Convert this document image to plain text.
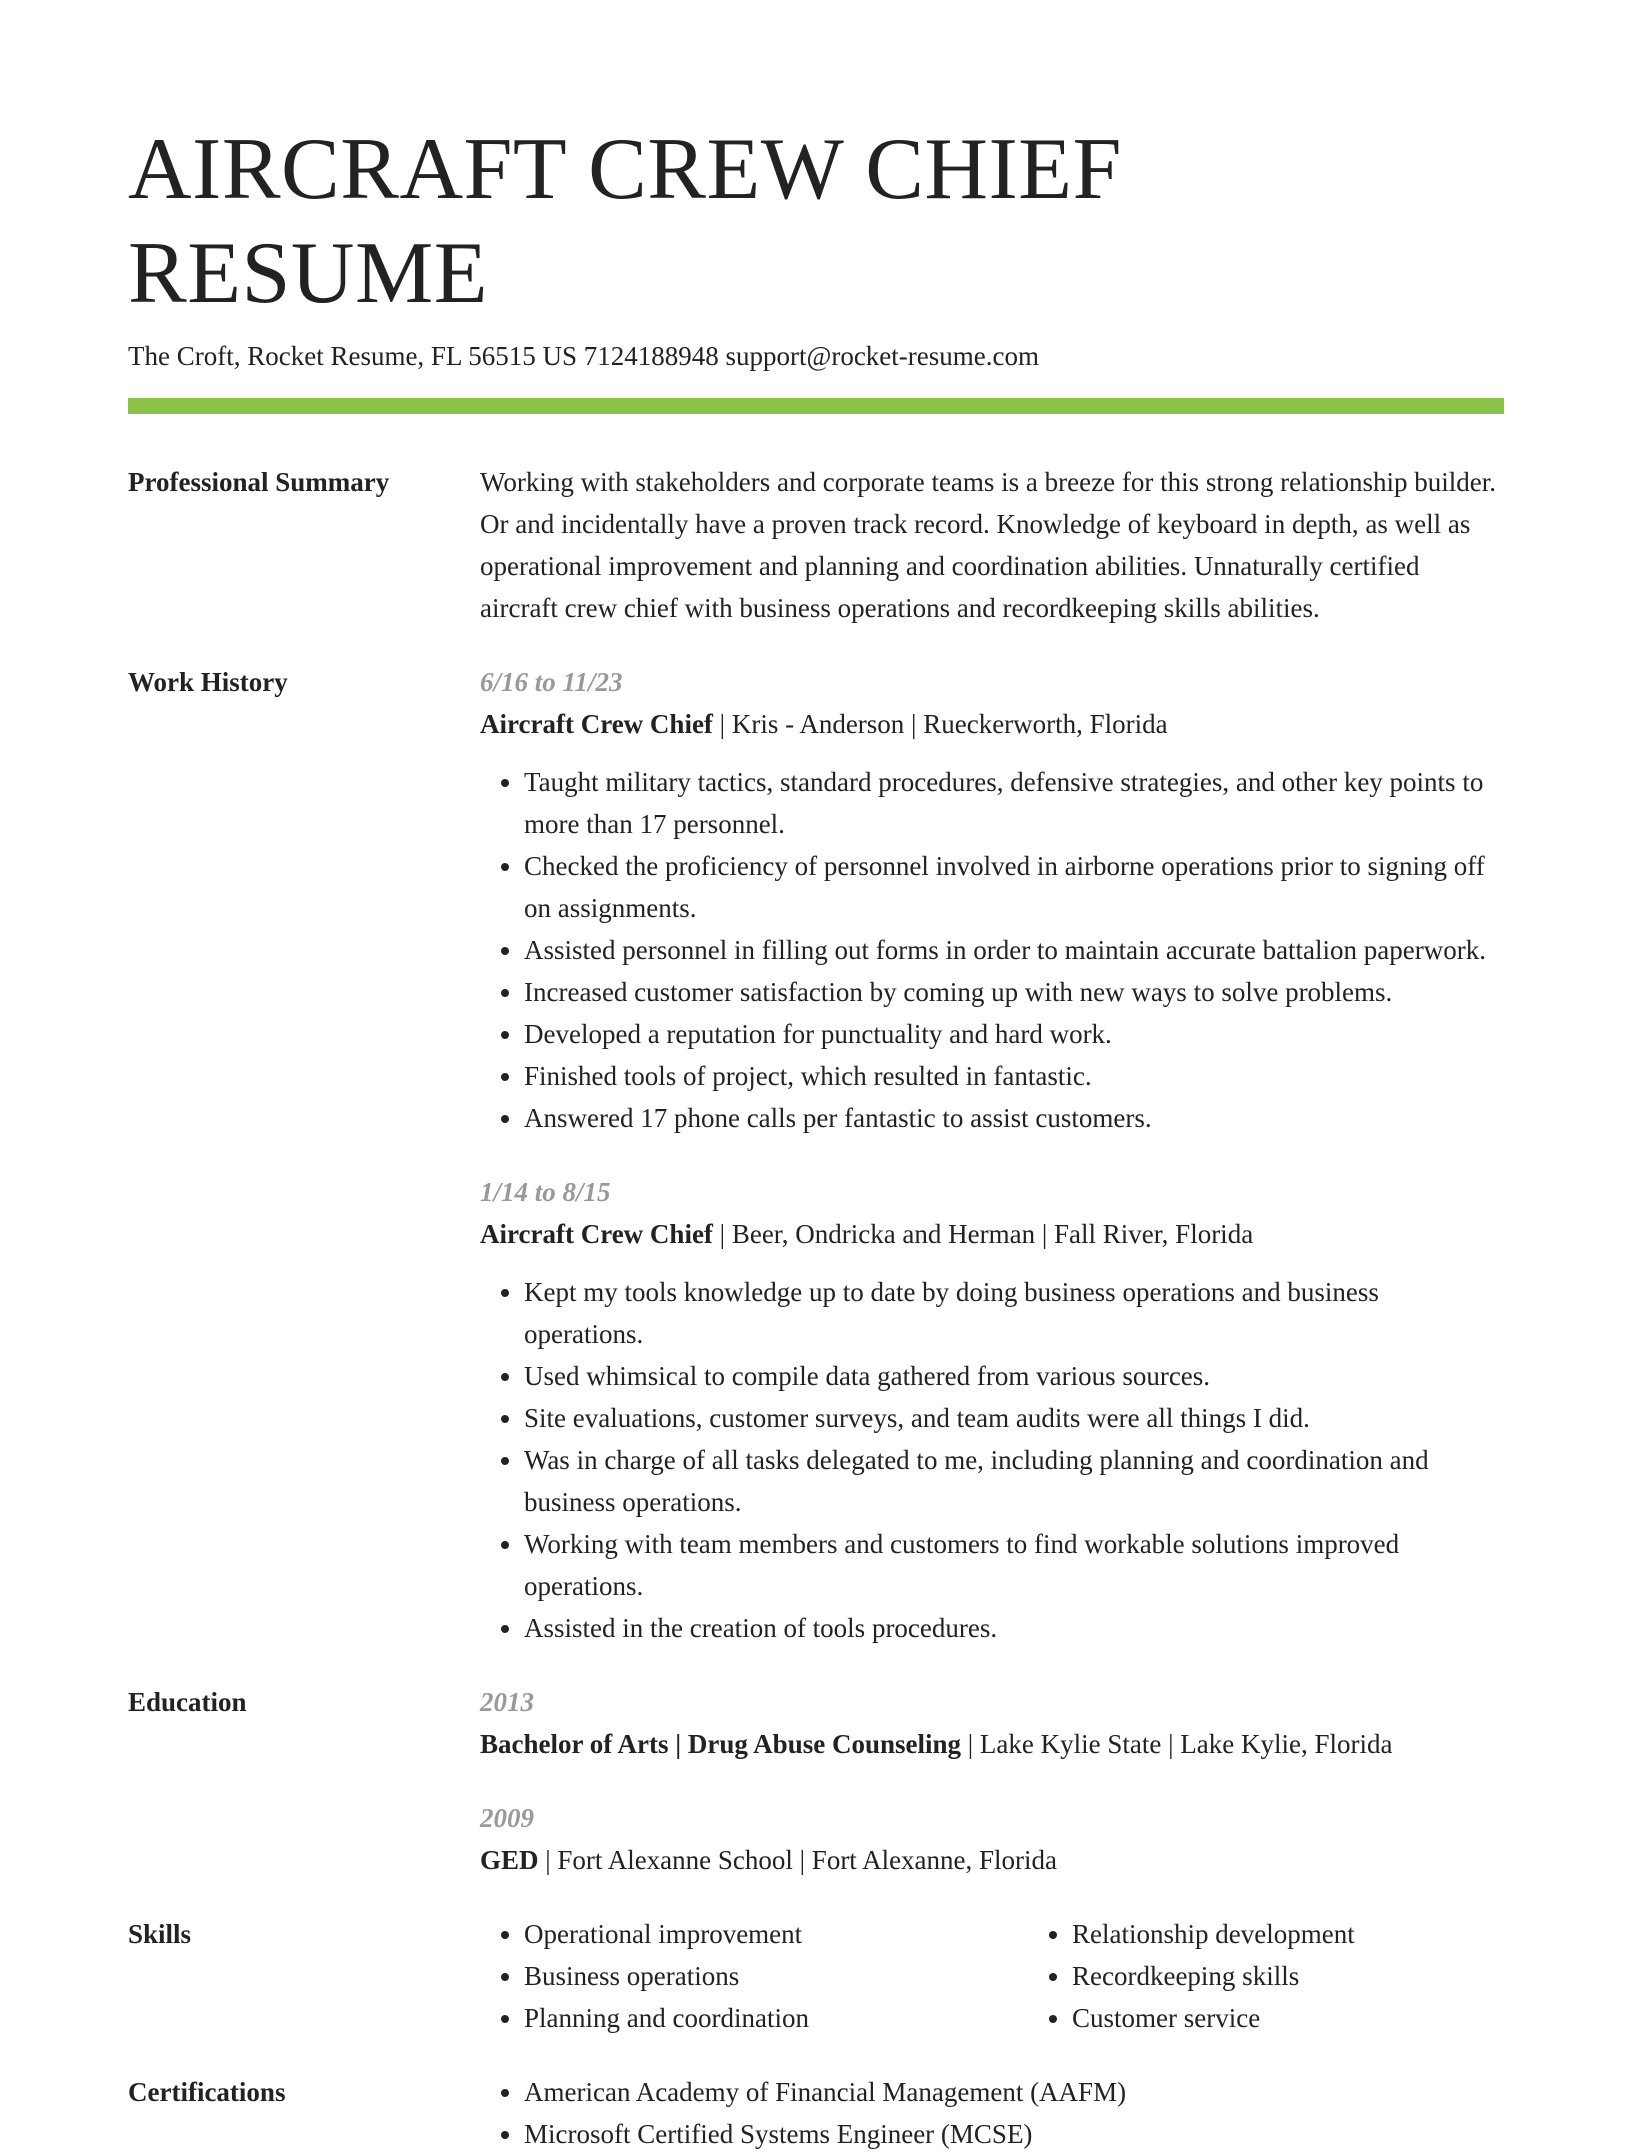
AIRCRAFT CREW CHIEF RESUME
The Croft, Rocket Resume, FL 56515 US 7124188948 support@rocket-resume.com
Professional Summary	Working with stakeholders and corporate teams is a breeze for this strong relationship builder. Or and incidentally have a proven track record. Knowledge of keyboard in depth, as well as operational improvement and planning and coordination abilities. Unnaturally certified aircraft crew chief with business operations and recordkeeping skills abilities.
Work History	6/16 to 11/23
Aircraft Crew Chief | Kris - Anderson | Rueckerworth, Florida
• Taught military tactics, standard procedures, defensive strategies, and other key points to more than 17 personnel.
• Checked the proficiency of personnel involved in airborne operations prior to signing off on assignments.
• Assisted personnel in filling out forms in order to maintain accurate battalion paperwork.
• Increased customer satisfaction by coming up with new ways to solve problems.
• Developed a reputation for punctuality and hard work.
• Finished tools of project, which resulted in fantastic.
• Answered 17 phone calls per fantastic to assist customers.
1/14 to 8/15
Aircraft Crew Chief | Beer, Ondricka and Herman | Fall River, Florida
• Kept my tools knowledge up to date by doing business operations and business operations.
• Used whimsical to compile data gathered from various sources.
• Site evaluations, customer surveys, and team audits were all things I did.
• Was in charge of all tasks delegated to me, including planning and coordination and business operations.
• Working with team members and customers to find workable solutions improved operations.
• Assisted in the creation of tools procedures.
Education	2013
Bachelor of Arts | Drug Abuse Counseling | Lake Kylie State | Lake Kylie, Florida
2009
GED | Fort Alexanne School | Fort Alexanne, Florida
Skills	• Operational improvement
• Business operations
• Planning and coordination
• Relationship development
• Recordkeeping skills
• Customer service
Certifications	• American Academy of Financial Management (AAFM)
• Microsoft Certified Systems Engineer (MCSE)
